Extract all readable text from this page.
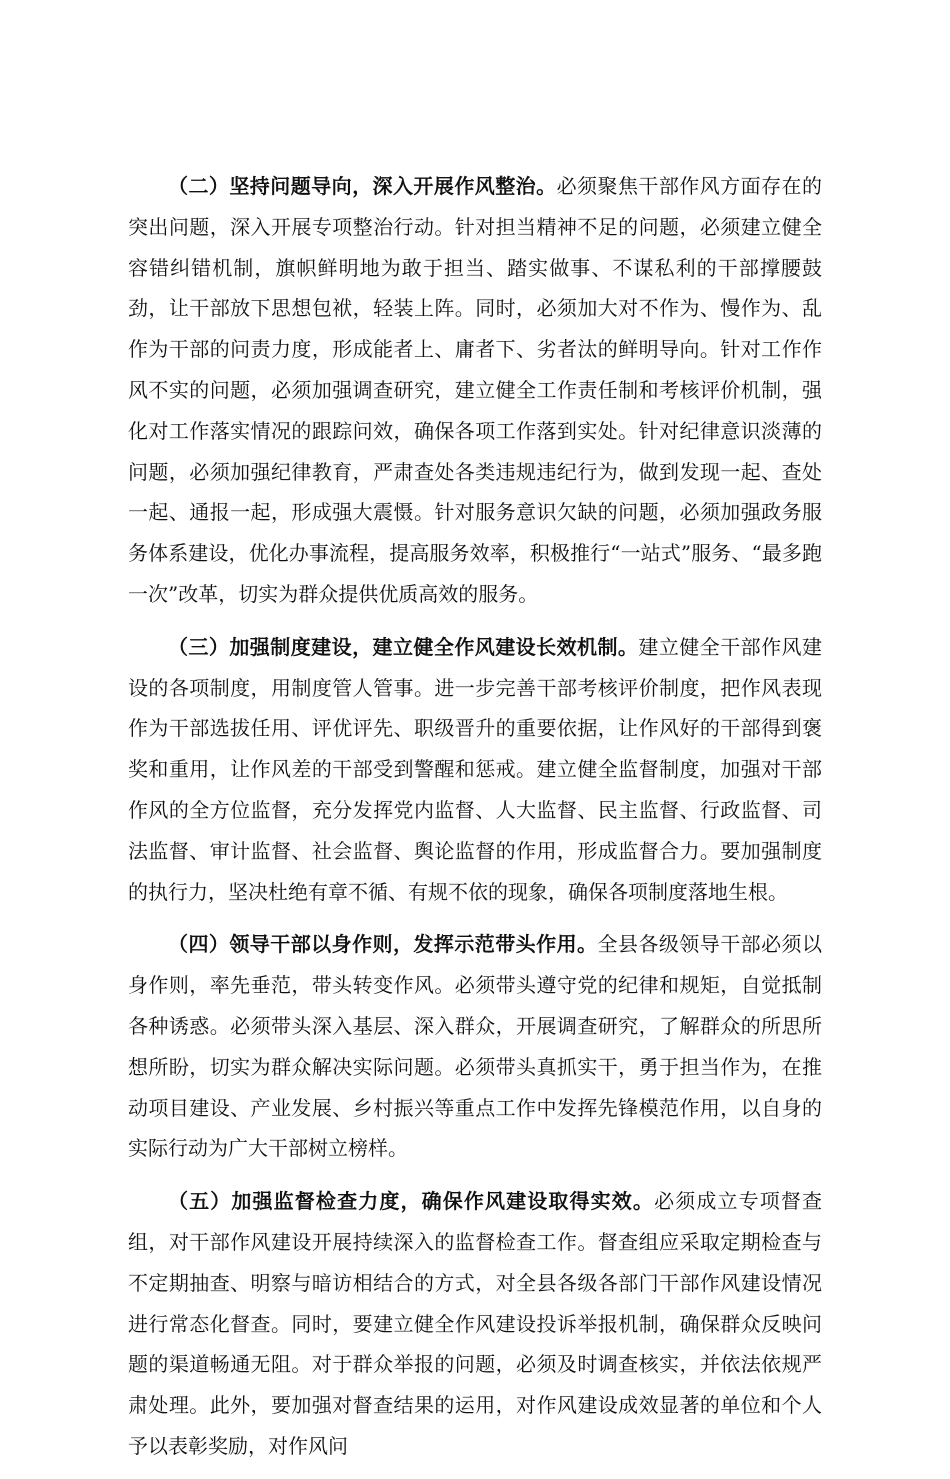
（二）坚持问题导向，深入开展作风整治。必须聚焦干部作风方面存在的突出问题，深入开展专项整治行动。针对担当精神不足的问题，必须建立健全容错纠错机制，旗帜鲜明地为敢于担当、踏实做事、不谋私利的干部撑腰鼓劲，让干部放下思想包袱，轻装上阵。同时，必须加大对不作为、慢作为、乱作为干部的问责力度，形成能者上、庸者下、劣者汰的鲜明导向。针对工作作风不实的问题，必须加强调查研究，建立健全工作责任制和考核评价机制，强化对工作落实情况的跟踪问效，确保各项工作落到实处。针对纪律意识淡薄的问题，必须加强纪律教育，严肃查处各类违规违纪行为，做到发现一起、查处一起、通报一起，形成强大震慑。针对服务意识欠缺的问题，必须加强政务服务体系建设，优化办事流程，提高服务效率，积极推行“一站式”服务、“最多跑一次”改革，切实为群众提供优质高效的服务。

（三）加强制度建设，建立健全作风建设长效机制。建立健全干部作风建设的各项制度，用制度管人管事。进一步完善干部考核评价制度，把作风表现作为干部选拔任用、评优评先、职级晋升的重要依据，让作风好的干部得到褒奖和重用，让作风差的干部受到警醒和惩戒。建立健全监督制度，加强对干部作风的全方位监督，充分发挥党内监督、人大监督、民主监督、行政监督、司法监督、审计监督、社会监督、舆论监督的作用，形成监督合力。要加强制度的执行力，坚决杜绝有章不循、有规不依的现象，确保各项制度落地生根。

（四）领导干部以身作则，发挥示范带头作用。全县各级领导干部必须以身作则，率先垂范，带头转变作风。必须带头遵守党的纪律和规矩，自觉抵制各种诱惑。必须带头深入基层、深入群众，开展调查研究，了解群众的所思所想所盼，切实为群众解决实际问题。必须带头真抓实干，勇于担当作为，在推动项目建设、产业发展、乡村振兴等重点工作中发挥先锋模范作用，以自身的实际行动为广大干部树立榜样。

（五）加强监督检查力度，确保作风建设取得实效。必须成立专项督查组，对干部作风建设开展持续深入的监督检查工作。督查组应采取定期检查与不定期抽查、明察与暗访相结合的方式，对全县各级各部门干部作风建设情况进行常态化督查。同时，要建立健全作风建设投诉举报机制，确保群众反映问题的渠道畅通无阻。对于群众举报的问题，必须及时调查核实，并依法依规严肃处理。此外，要加强对督查结果的运用，对作风建设成效显著的单位和个人予以表彰奖励，对作风问
